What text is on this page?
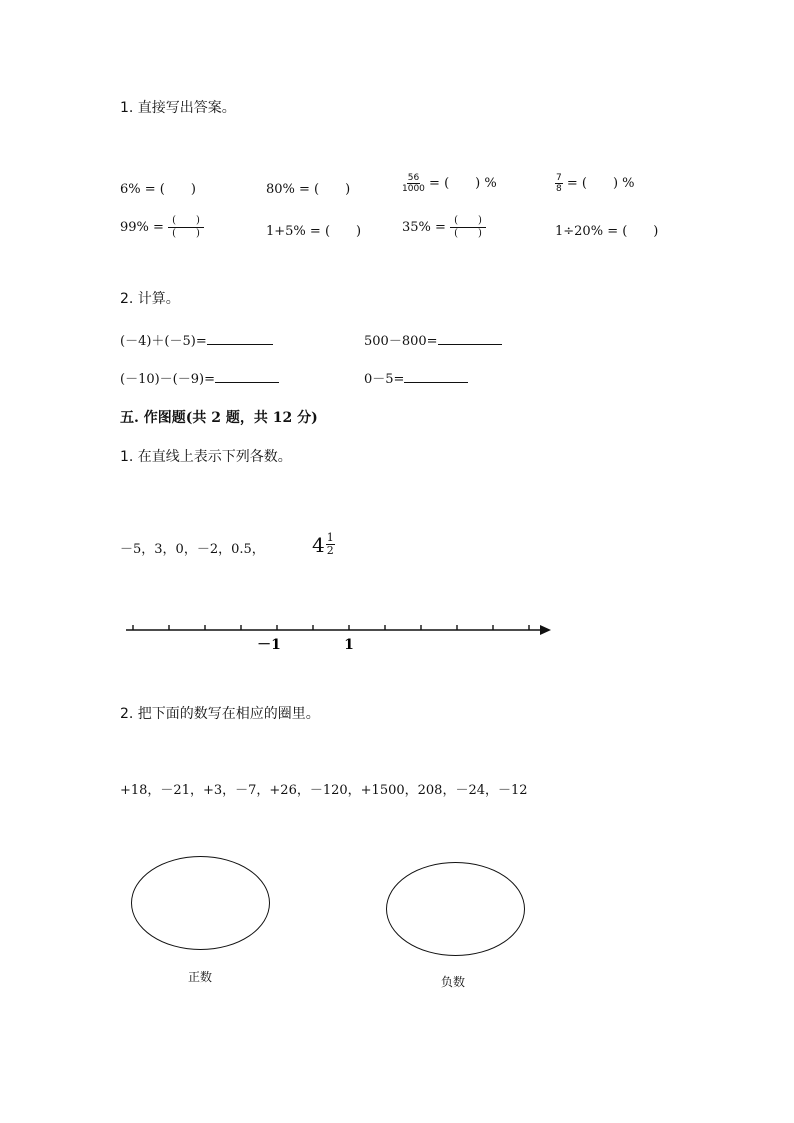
1. 直接写出答案。
6% = (　　)	80% = (　　)	$\frac{56}{1000}$ = (　　) %	$\frac{7}{8}$ = (　　) %
$99\% = \frac{( )}{( )}$	1+5% = (　　)	$35\% = \frac{( )}{( )}$	1÷20% = (　　)
2. 计算。
(－4)＋(－5)=	500－800=
(－10)－(－9)=	0－5=
五. 作图题(共 2 题，共 12 分)
1. 在直线上表示下列各数。
－5，3，0，－2，0.5， $4 \frac{1}{2}$
－1	1
2. 把下面的数写在相应的圈里。
+18，－21，+3，－7，+26，－120，+1500，208，－24，－12
正数	负数
